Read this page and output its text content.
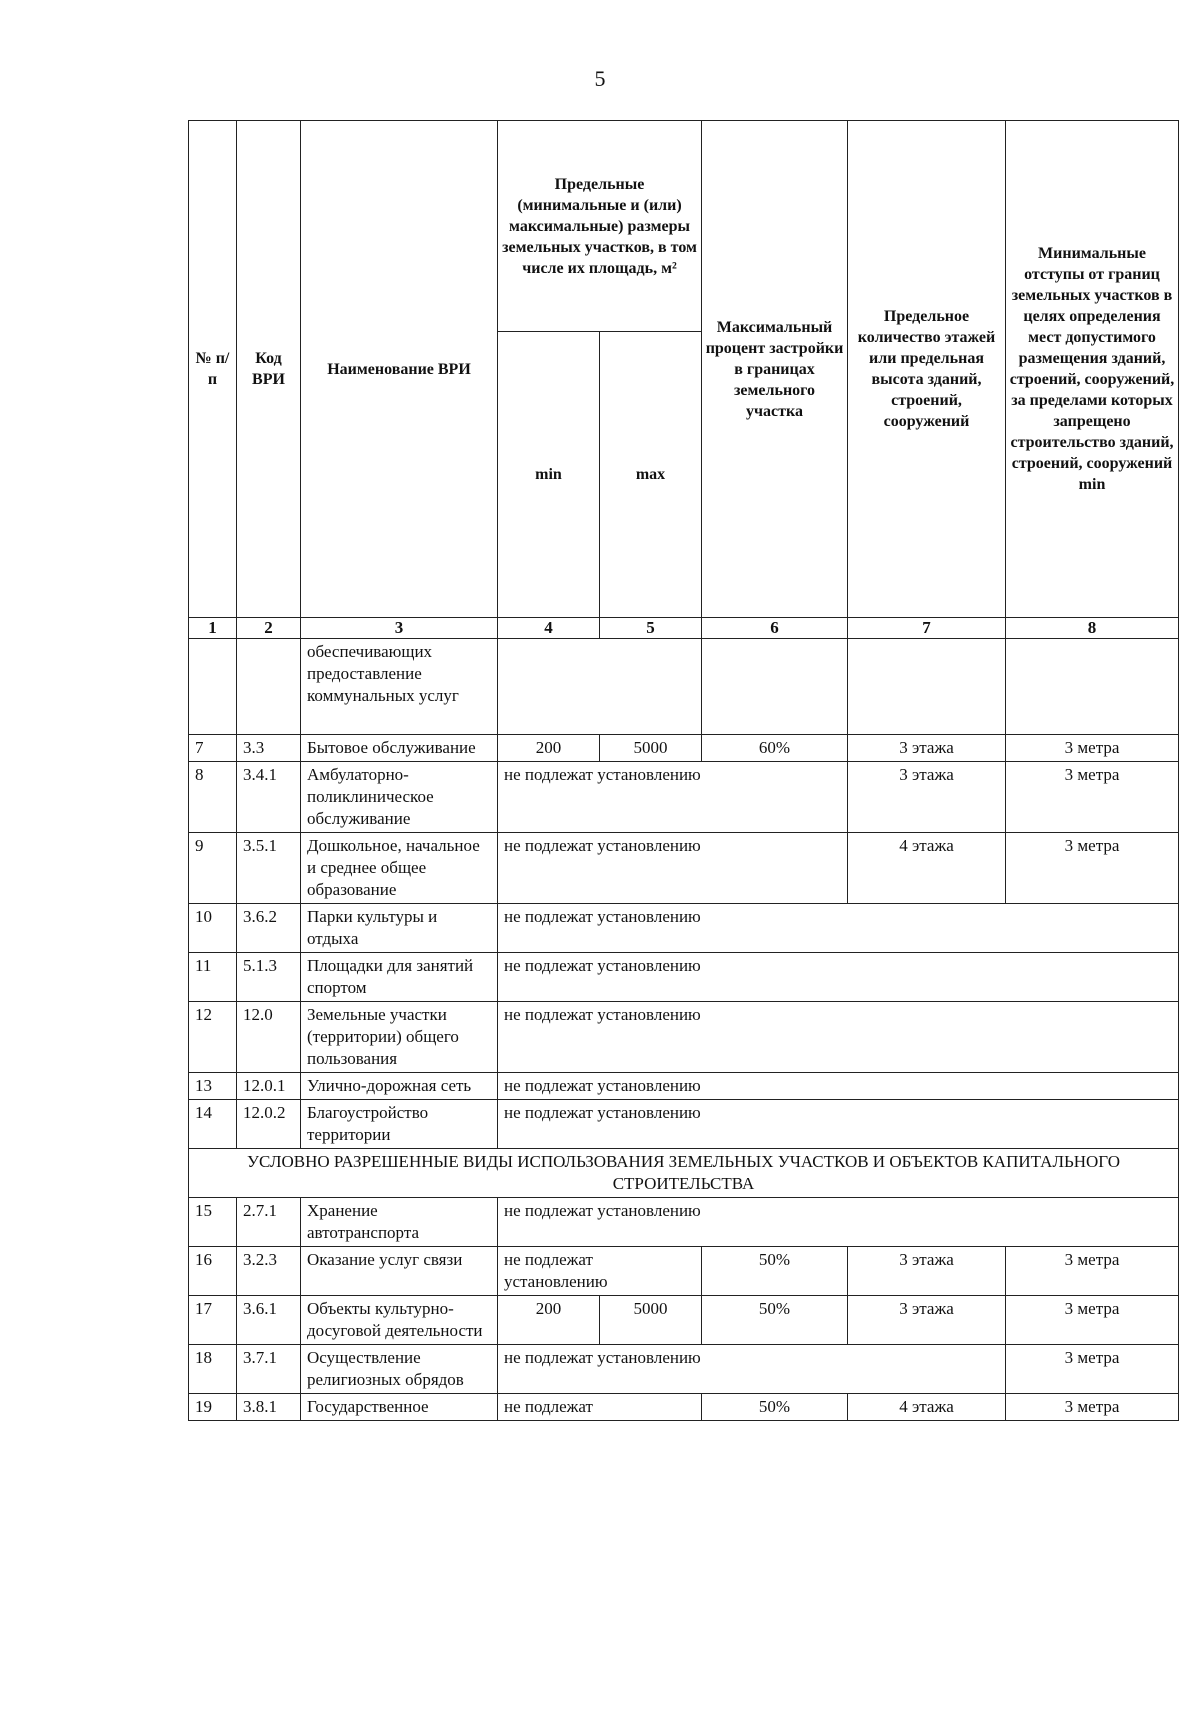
5
№ п/ п	Код ВРИ	Наименование ВРИ	Предельные (минимальные и (или) максимальные) размеры земельных участков, в том числе их площадь, м²		Максимальный процент застройки в границах земельного участка	Предельное количество этажей или предельная высота зданий, строений, сооружений	Минимальные отступы от границ земельных участков в целях определения мест допустимого размещения зданий, строений, сооружений, за пределами которых запрещено строительство зданий, строений, сооружений min
			min	max			
1	2	3	4	5	6	7	8
		обеспечивающих предоставление коммунальных услуг					
7	3.3	Бытовое обслуживание	200	5000	60%	3 этажа	3 метра
8	3.4.1	Амбулаторно-поликлиническое обслуживание	не подлежат установлению			3 этажа	3 метра
9	3.5.1	Дошкольное, начальное и среднее общее образование	не подлежат установлению			4 этажа	3 метра
10	3.6.2	Парки культуры и отдыха	не подлежат установлению				
11	5.1.3	Площадки для занятий спортом	не подлежат установлению				
12	12.0	Земельные участки (территории) общего пользования	не подлежат установлению				
13	12.0.1	Улично-дорожная сеть	не подлежат установлению				
14	12.0.2	Благоустройство территории	не подлежат установлению				
УСЛОВНО РАЗРЕШЕННЫЕ ВИДЫ ИСПОЛЬЗОВАНИЯ ЗЕМЕЛЬНЫХ УЧАСТКОВ И ОБЪЕКТОВ КАПИТАЛЬНОГО СТРОИТЕЛЬСТВА							
15	2.7.1	Хранение автотранспорта	не подлежат установлению				
16	3.2.3	Оказание услуг связи	не подлежат установлению		50%	3 этажа	3 метра
17	3.6.1	Объекты культурно-досуговой деятельности	200	5000	50%	3 этажа	3 метра
18	3.7.1	Осуществление религиозных обрядов	не подлежат установлению				3 метра
19	3.8.1	Государственное	не подлежат		50%	4 этажа	3 метра
